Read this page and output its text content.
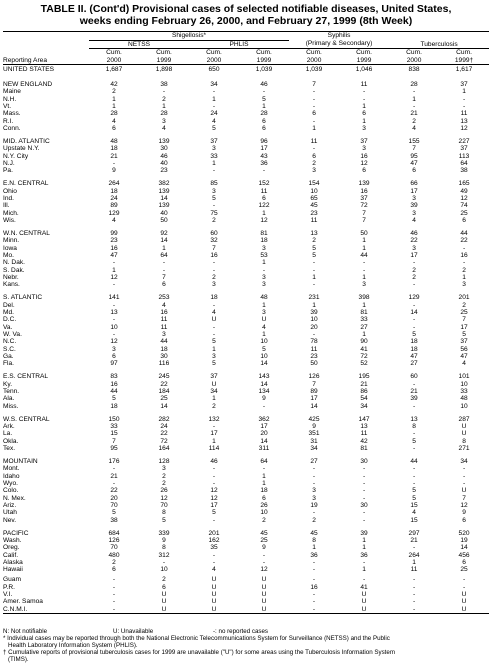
TABLE II. (Cont'd) Provisional cases of selected notifiable diseases, United States,
weeks ending February 26, 2000, and February 27, 1999 (8th Week)
Reporting Area	Shigellosis*				Syphilis		Tuberculosis	
	NETSS		PHLIS		(Primary & Secondary)			
	Cum.	Cum.	Cum.	Cum.	Cum.	Cum.	Cum.	Cum.
	2000	1999	2000	1999	2000	1999	2000	1999†
UNITED STATES	1,687	1,898	650	1,039	1,039	1,046	838	1,617

NEW ENGLAND	42	38	34	46	7	11	28	37
Maine	2	-	-	-	-	-	-	1
N.H.	1	2	1	5	-	-	1	-
Vt.	1	1	-	1	-	1	-	-
Mass.	28	28	24	28	6	6	21	11
R.I.	4	3	4	6	-	1	2	13
Conn.	6	4	5	6	1	3	4	12

MID. ATLANTIC	48	139	37	96	11	37	155	227
Upstate N.Y.	18	30	3	17	-	3	7	37
N.Y. City	21	46	33	43	6	16	95	113
N.J.	-	40	1	36	2	12	47	64
Pa.	9	23	-	-	3	6	6	38

E.N. CENTRAL	264	382	85	152	154	139	66	165
Ohio	18	139	3	11	10	16	17	49
Ind.	24	14	5	6	65	37	3	12
Ill.	89	139	-	122	45	72	39	74
Mich.	129	40	75	1	23	7	3	25
Wis.	4	50	2	12	11	7	4	6

W.N. CENTRAL	99	92	60	81	13	50	46	44
Minn.	23	14	32	18	2	1	22	22
Iowa	16	1	7	3	5	1	3	-
Mo.	47	64	16	53	5	44	17	16
N. Dak.	-	-	-	1	-	-	-	-
S. Dak.	1	-	-	-	-	-	2	2
Nebr.	12	7	2	3	1	1	2	1
Kans.	-	6	3	3	-	3	-	3

S. ATLANTIC	141	253	18	48	231	398	129	201
Del.	-	4	-	1	1	1	-	2
Md.	13	16	4	3	39	81	14	25
D.C.	-	11	U	U	10	33	-	7
Va.	10	11	-	4	20	27	-	17
W. Va.	-	3	-	1	-	1	5	5
N.C.	12	44	5	10	78	90	18	37
S.C.	3	18	1	5	11	41	18	56
Ga.	6	30	3	10	23	72	47	47
Fla.	97	116	5	14	50	52	27	4

E.S. CENTRAL	83	245	37	143	126	195	60	101
Ky.	16	22	U	14	7	21	-	10
Tenn.	44	184	34	134	89	86	21	33
Ala.	5	25	1	9	17	54	39	48
Miss.	18	14	2	-	14	34	-	10

W.S. CENTRAL	150	282	132	362	425	147	13	287
Ark.	33	24	-	17	9	13	8	U
La.	15	22	17	20	351	11	-	U
Okla.	7	72	1	14	31	42	5	8
Tex.	95	164	114	311	34	81	-	271

MOUNTAIN	176	128	46	64	27	30	44	34
Mont.	-	3	-	-	-	-	-	-
Idaho	21	2	-	1	-	-	-	-
Wyo.	-	2	-	1	-	-	-	-
Colo.	22	26	12	18	3	-	5	U
N. Mex.	20	12	12	6	3	-	5	7
Ariz.	70	70	17	26	19	30	15	12
Utah	5	8	5	10	-	-	4	9
Nev.	38	5	-	2	2	-	15	6

PACIFIC	684	339	201	45	45	39	297	520
Wash.	126	9	162	25	8	1	21	19
Oreg.	70	8	35	9	1	1	-	14
Calif.	480	312	-	-	36	36	264	456
Alaska	2	-	-	-	-	-	1	6
Hawaii	6	10	4	12	-	1	11	25

Guam	-	2	U	U	-	-	-	-
P.R.	-	6	U	U	16	41	-	-
V.I.	-	U	U	U	-	U	-	U
Amer. Samoa	-	U	U	U	-	U	-	U
C.N.M.I.	-	U	U	U	-	U	-	U

N: Not notifiable	U: Unavailable	-: no reported cases
* Individual cases may be reported through both the National Electronic Telecommunications System for Surveillance (NETSS) and the Public
Health Laboratory Information System (PHLIS).
† Cumulative reports of provisional tuberculosis cases for 1999 are unavailable ("U") for some areas using the Tuberculosis Information System
(TIMS).
